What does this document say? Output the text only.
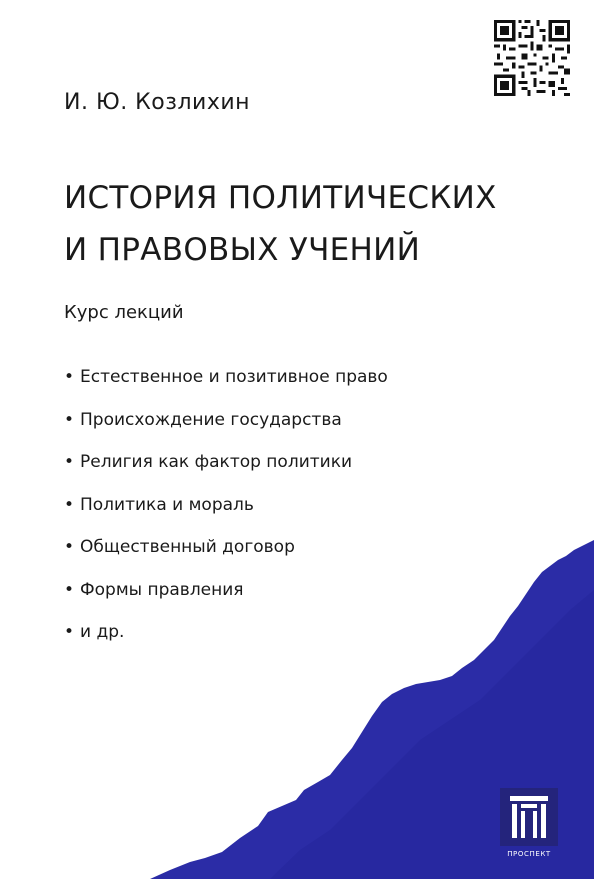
И. Ю. Козлихин
ИСТОРИЯ ПОЛИТИЧЕСКИХ
И ПРАВОВЫХ УЧЕНИЙ
Курс лекций
• Естественное и позитивное право
• Происхождение государства
• Религия как фактор политики
• Политика и мораль
• Общественный договор
• Формы правления
• и др.
ПРОСПЕКТ
